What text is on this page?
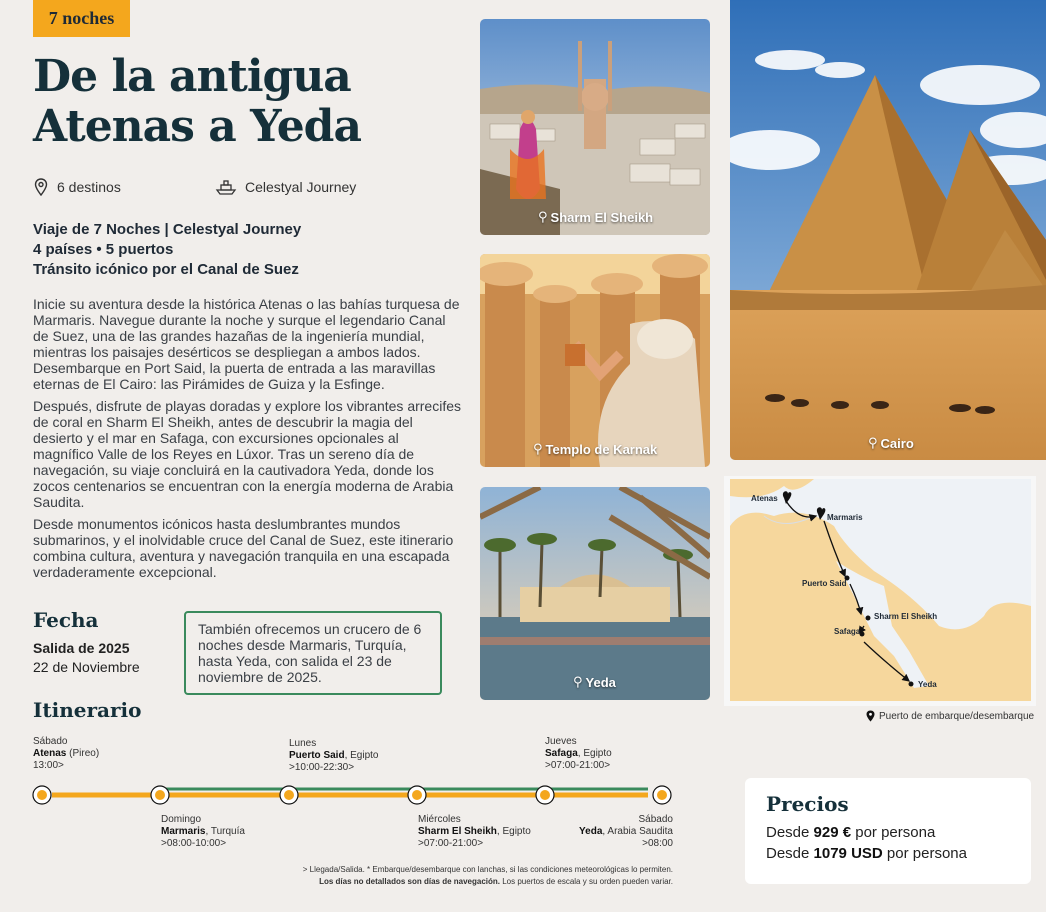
7 noches
De la antigua
Atenas a Yeda
6 destinos	Celestyal Journey
Viaje de 7 Noches | Celestyal Journey
4 países • 5 puertos
Tránsito icónico por el Canal de Suez

Inicie su aventura desde la histórica Atenas o las bahías turquesa de Marmaris. Navegue durante la noche y surque el legendario Canal de Suez, una de las grandes hazañas de la ingeniería mundial, mientras los paisajes desérticos se despliegan a ambos lados. Desembarque en Port Said, la puerta de entrada a las maravillas eternas de El Cairo: las Pirámides de Guiza y la Esfinge.

Después, disfrute de playas doradas y explore los vibrantes arrecifes de coral en Sharm El Sheikh, antes de descubrir la magia del desierto y el mar en Safaga, con excursiones opcionales al magnífico Valle de los Reyes en Lúxor. Tras un sereno día de navegación, su viaje concluirá en la cautivadora Yeda, donde los zocos centenarios se encuentran con la energía moderna de Arabia Saudita.

Desde monumentos icónicos hasta deslumbrantes mundos submarinos, y el inolvidable cruce del Canal de Suez, este itinerario combina cultura, aventura y navegación tranquila en una escapada verdaderamente excepcional.

Fecha
Salida de 2025
22 de Noviembre
También ofrecemos un crucero de 6 noches desde Marmaris, Turquía, hasta Yeda, con salida el 23 de noviembre de 2025.
⚲ Sharm El Sheikh
⚲ Templo de Karnak
⚲ Yeda
⚲ Cairo
Atenas
Marmaris
Puerto Said
Sharm El Sheikh
Safaga
Yeda
Puerto de embarque/desembarque
Itinerario
Sábado
Atenas (Pireo)
13:00>
Lunes
Puerto Said, Egipto
>10:00-22:30>
Jueves
Safaga, Egipto
>07:00-21:00>
Domingo
Marmaris, Turquía
>08:00-10:00>
Miércoles
Sharm El Sheikh, Egipto
>07:00-21:00>
Sábado
Yeda, Arabia Saudita
>08:00
> Llegada/Salida. * Embarque/desembarque con lanchas, si las condiciones meteorológicas lo permiten.
Los días no detallados son días de navegación. Los puertos de escala y su orden pueden variar.
Precios
Desde 929 € por persona
Desde 1079 USD por persona
